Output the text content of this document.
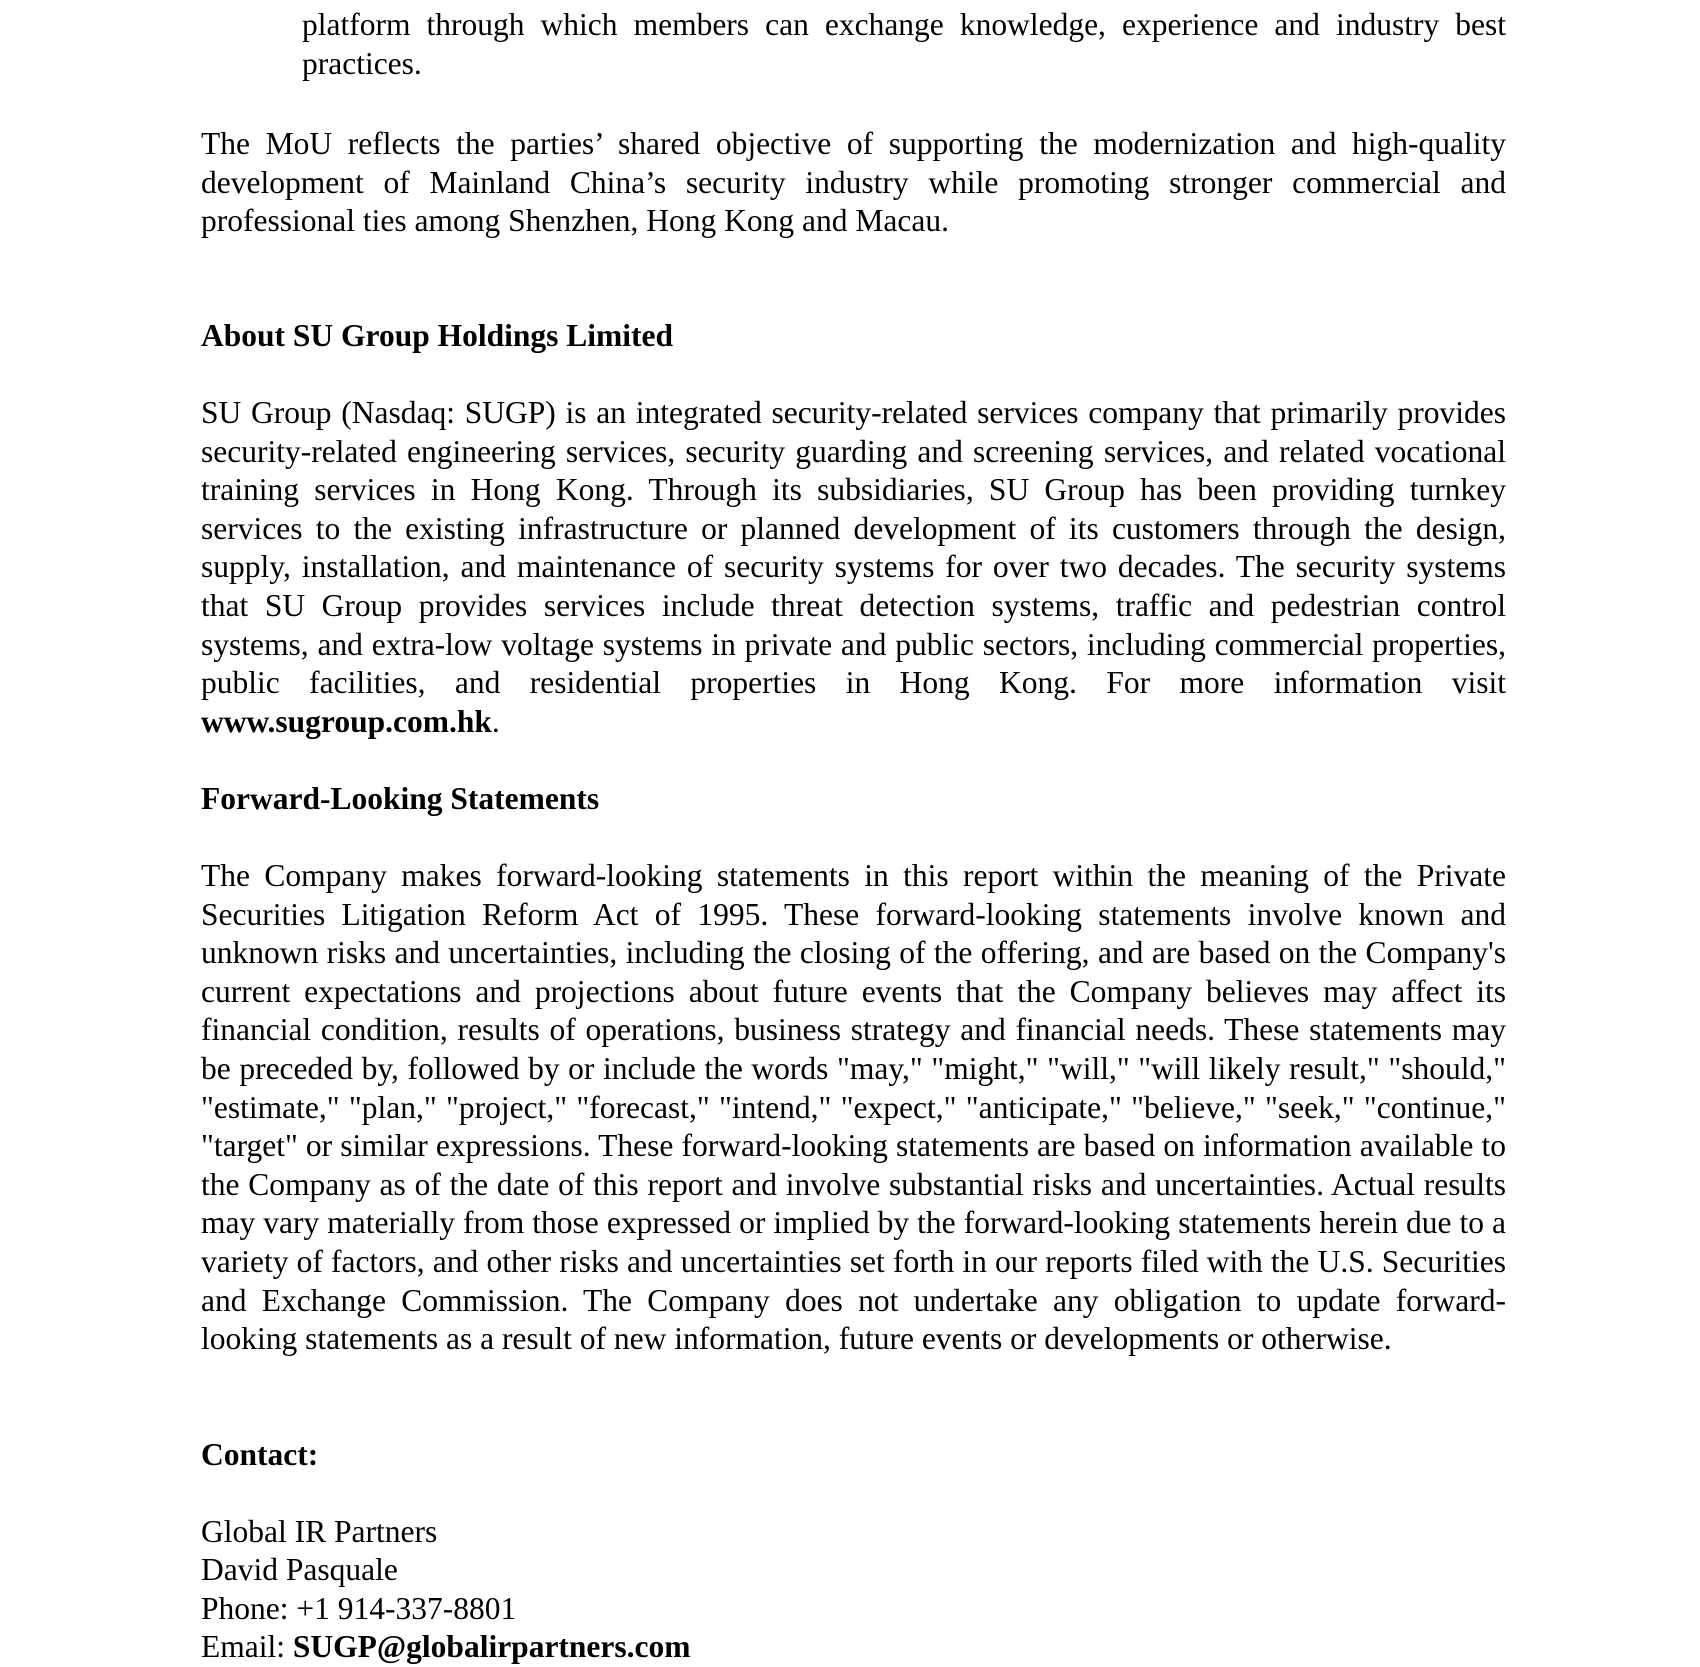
platform through which members can exchange knowledge, experience and industry best practices.

The MoU reflects the parties’ shared objective of supporting the modernization and high-quality development of Mainland China’s security industry while promoting stronger commercial and professional ties among Shenzhen, Hong Kong and Macau.

About SU Group Holdings Limited

SU Group (Nasdaq: SUGP) is an integrated security-related services company that primarily provides security-related engineering services, security guarding and screening services, and related vocational training services in Hong Kong. Through its subsidiaries, SU Group has been providing turnkey services to the existing infrastructure or planned development of its customers through the design, supply, installation, and maintenance of security systems for over two decades. The security systems that SU Group provides services include threat detection systems, traffic and pedestrian control systems, and extra-low voltage systems in private and public sectors, including commercial properties, public facilities, and residential properties in Hong Kong. For more information visit www.sugroup.com.hk.

Forward-Looking Statements

The Company makes forward-looking statements in this report within the meaning of the Private Securities Litigation Reform Act of 1995. These forward-looking statements involve known and unknown risks and uncertainties, including the closing of the offering, and are based on the Company's current expectations and projections about future events that the Company believes may affect its financial condition, results of operations, business strategy and financial needs. These statements may be preceded by, followed by or include the words "may," "might," "will," "will likely result," "should," "estimate," "plan," "project," "forecast," "intend," "expect," "anticipate," "believe," "seek," "continue," "target" or similar expressions. These forward-looking statements are based on information available to the Company as of the date of this report and involve substantial risks and uncertainties. Actual results may vary materially from those expressed or implied by the forward-looking statements herein due to a variety of factors, and other risks and uncertainties set forth in our reports filed with the U.S. Securities and Exchange Commission. The Company does not undertake any obligation to update forward-looking statements as a result of new information, future events or developments or otherwise.

Contact:

Global IR Partners

David Pasquale

Phone: +1 914-337-8801

Email: SUGP@globalirpartners.com
